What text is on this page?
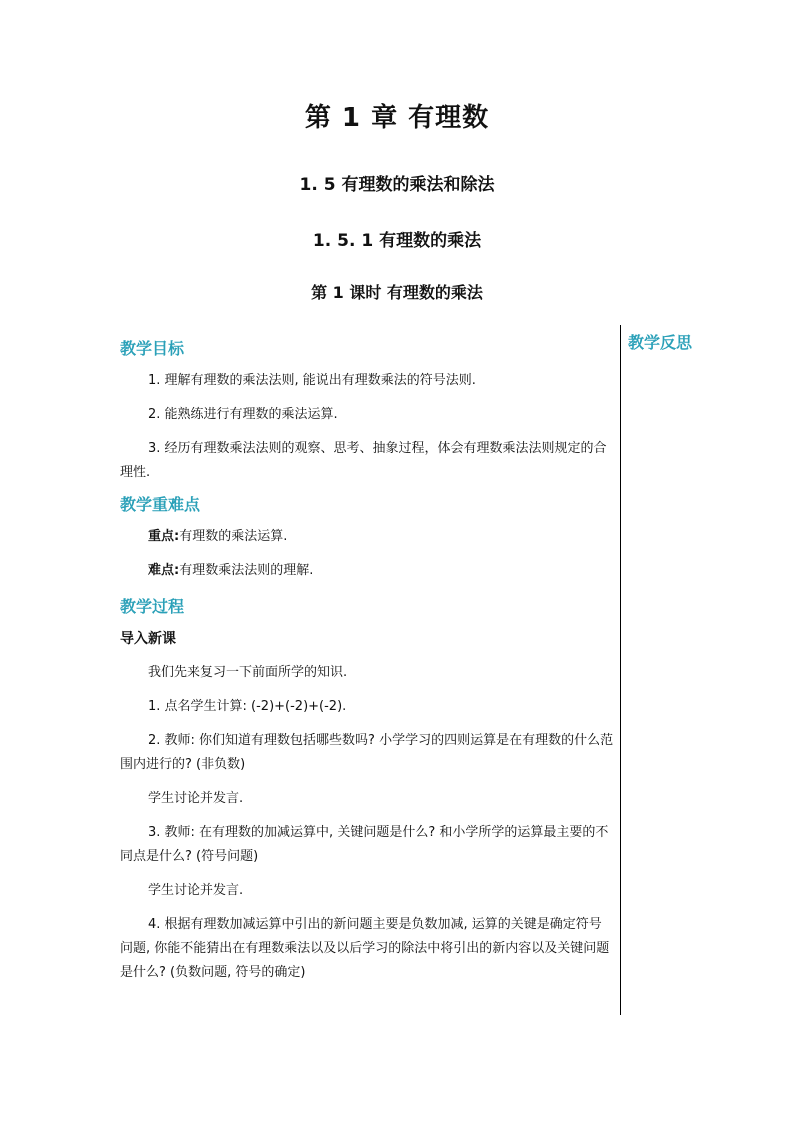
第 1 章 有理数
1. 5 有理数的乘法和除法
1. 5. 1 有理数的乘法
第 1 课时 有理数的乘法
教学反思

教学目标

1. 理解有理数的乘法法则, 能说出有理数乘法的符号法则.

2. 能熟练进行有理数的乘法运算.

3. 经历有理数乘法法则的观察、思考、抽象过程，体会有理数乘法法则规定的合理性.

教学重难点

重点:有理数的乘法运算.

难点:有理数乘法法则的理解.

教学过程

导入新课

我们先来复习一下前面所学的知识.

1. 点名学生计算: (-2)+(-2)+(-2).

2. 教师: 你们知道有理数包括哪些数吗? 小学学习的四则运算是在有理数的什么范围内进行的? (非负数)

学生讨论并发言.

3. 教师: 在有理数的加减运算中, 关键问题是什么? 和小学所学的运算最主要的不同点是什么? (符号问题)

学生讨论并发言.

4. 根据有理数加减运算中引出的新问题主要是负数加减, 运算的关键是确定符号问题, 你能不能猜出在有理数乘法以及以后学习的除法中将引出的新内容以及关键问题是什么? (负数问题, 符号的确定)
